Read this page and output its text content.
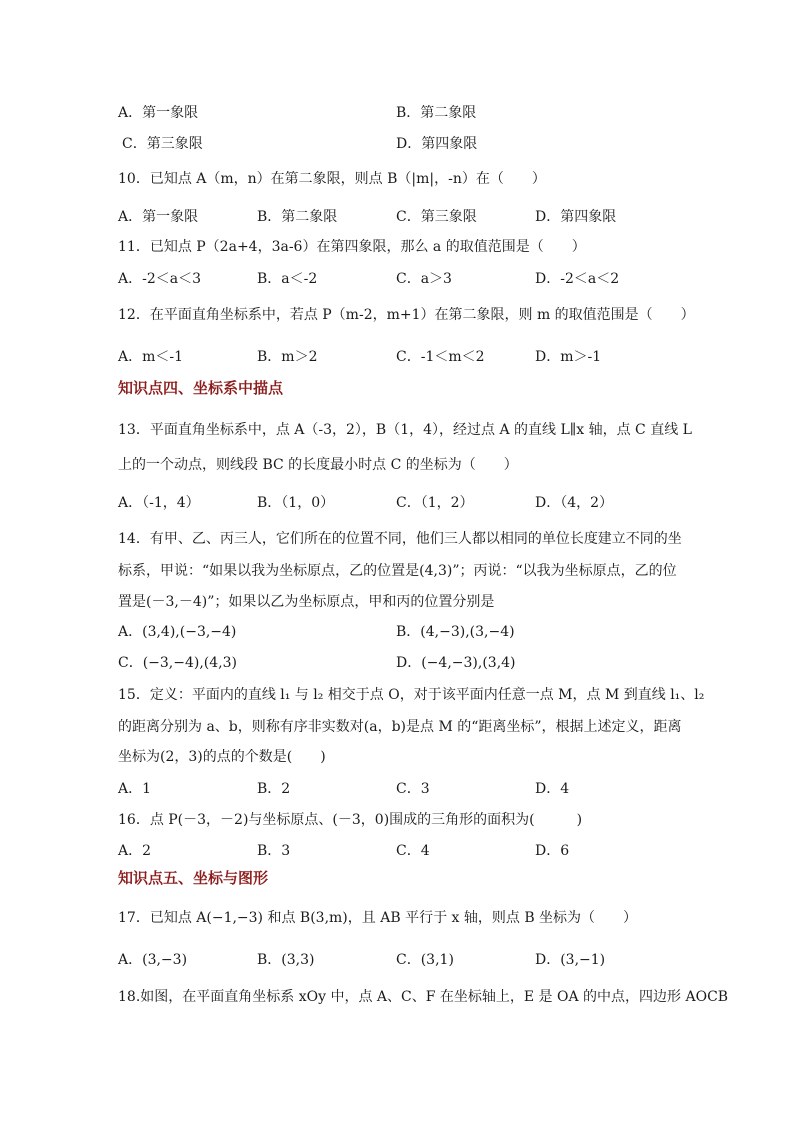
A．第一象限	B．第二象限
C．第三象限	D．第四象限
10．已知点 A（m，n）在第二象限，则点 B（|m|，-n）在（　　）
A．第一象限	B．第二象限	C．第三象限	D．第四象限
11．已知点 P（2a+4，3a-6）在第四象限，那么 a 的取值范围是（　　）
A．-2＜a＜3	B．a＜-2	C．a＞3	D．-2＜a＜2
12．在平面直角坐标系中，若点 P（m-2，m+1）在第二象限，则 m 的取值范围是（　　）
A．m＜-1	B．m＞2	C．-1＜m＜2	D．m＞-1
知识点四、坐标系中描点
13．平面直角坐标系中，点 A（-3，2），B（1，4），经过点 A 的直线 L∥x 轴，点 C 直线 L
上的一个动点，则线段 BC 的长度最小时点 C 的坐标为（　　）
A．（-1，4）	B．（1，0）	C．（1，2）	D．（4，2）
14．有甲、乙、丙三人，它们所在的位置不同，他们三人都以相同的单位长度建立不同的坐
标系，甲说：“如果以我为坐标原点，乙的位置是(4,3)”；丙说：“以我为坐标原点，乙的位
置是(－3,－4)”；如果以乙为坐标原点，甲和丙的位置分别是
A．(3,4),(−3,−4)	B．(4,−3),(3,−4)
C．(−3,−4),(4,3)	D．(−4,−3),(3,4)
15．定义：平面内的直线 l₁ 与 l₂ 相交于点 O，对于该平面内任意一点 M，点 M 到直线 l₁、l₂
的距离分别为 a、b，则称有序非实数对(a，b)是点 M 的“距离坐标”，根据上述定义，距离
坐标为(2，3)的点的个数是(　　)
A．1	B．2	C．3	D．4
16．点 P(－3，－2)与坐标原点、(－3，0)围成的三角形的面积为(　　　)
A．2	B．3	C．4	D．6
知识点五、坐标与图形
17．已知点 A(−1,−3) 和点 B(3,m)，且 AB 平行于 x 轴，则点 B 坐标为（　　）
A．(3,−3)	B．(3,3)	C．(3,1)	D．(3,−1)
18.如图，在平面直角坐标系 xOy 中，点 A、C、F 在坐标轴上，E 是 OA 的中点，四边形 AOCB
